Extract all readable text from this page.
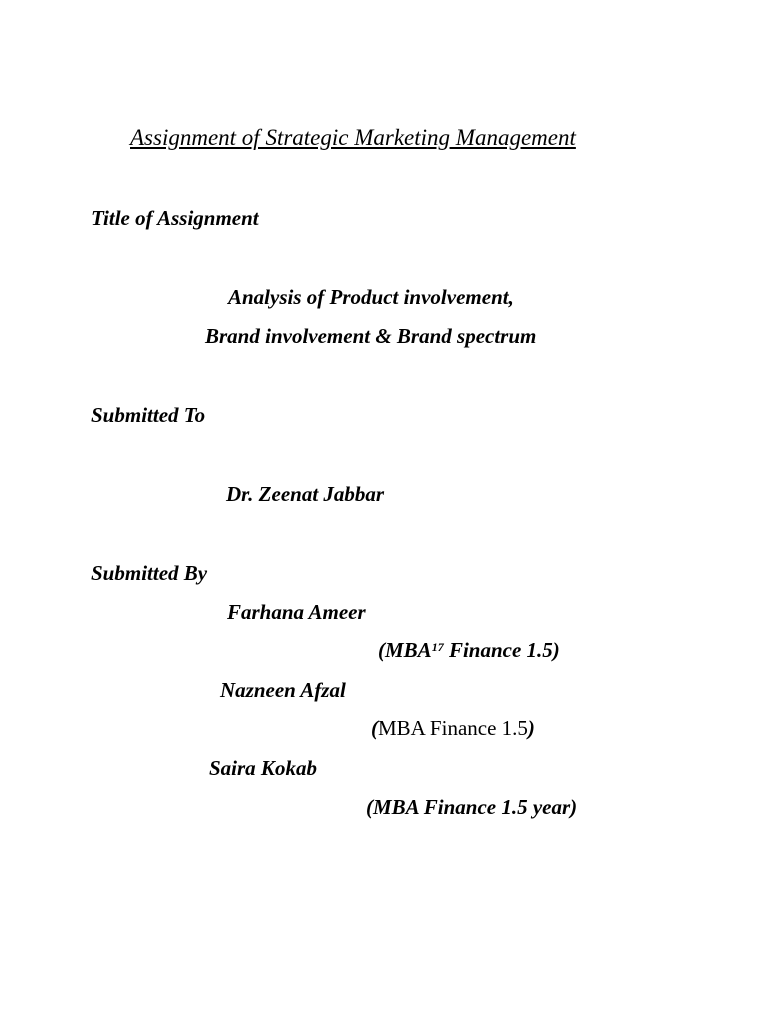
Assignment of Strategic Marketing Management
Title of Assignment
Analysis of Product involvement,
Brand involvement & Brand spectrum
Submitted To
Dr. Zeenat Jabbar
Submitted By
Farhana Ameer
(MBA$^{17}$ Finance 1.5)
Nazneen Afzal
(MBA Finance 1.5)
Saira Kokab
(MBA Finance 1.5 year)
